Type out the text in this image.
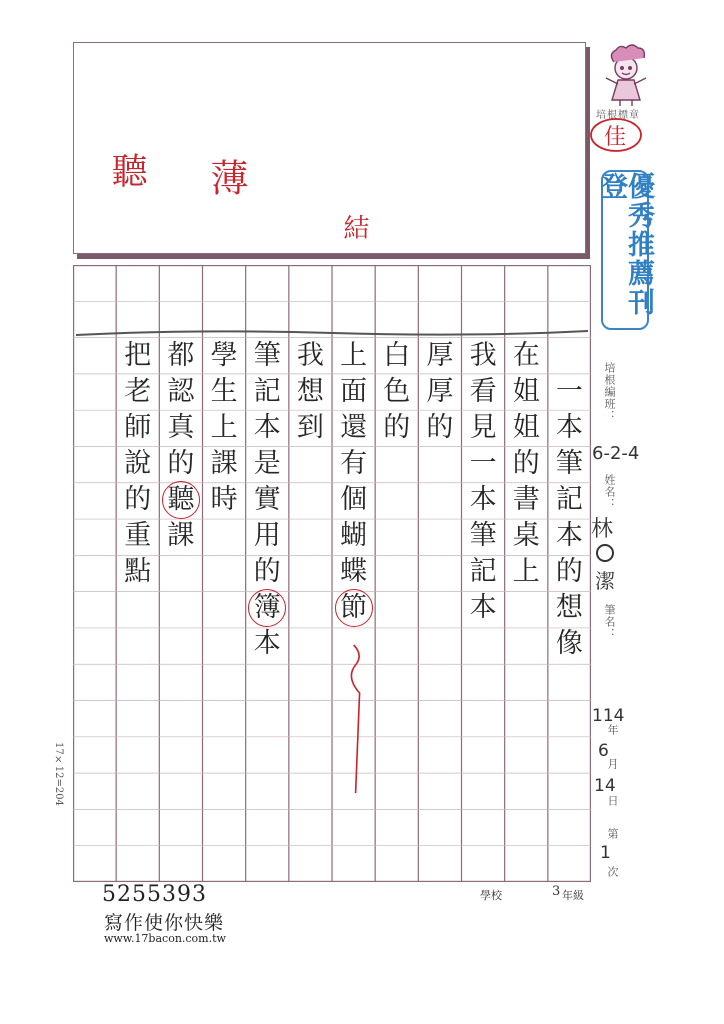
聽 薄
結
培根標章
佳
優秀推薦刊登
一
本
筆
記
本
的
想
像
在
姐
姐
的
書
桌
上
我
看
見
一
本
筆
記
本
厚
厚
的
白
色
的
上
面
還
有
個
蝴
蝶
節
我
想
到
筆
記
本
是
實
用
的
簿
本
學
生
上
課
時
都
認
真
的
聽
課
把
老
師
說
的
重
點
培根編班：
6-2-4
姓名：
林
潔
筆名：
114
年
6
月
14
日
第
1
次
17×12=204
5255393
寫作使你快樂
www.17bacon.com.tw
學校	3 年級
